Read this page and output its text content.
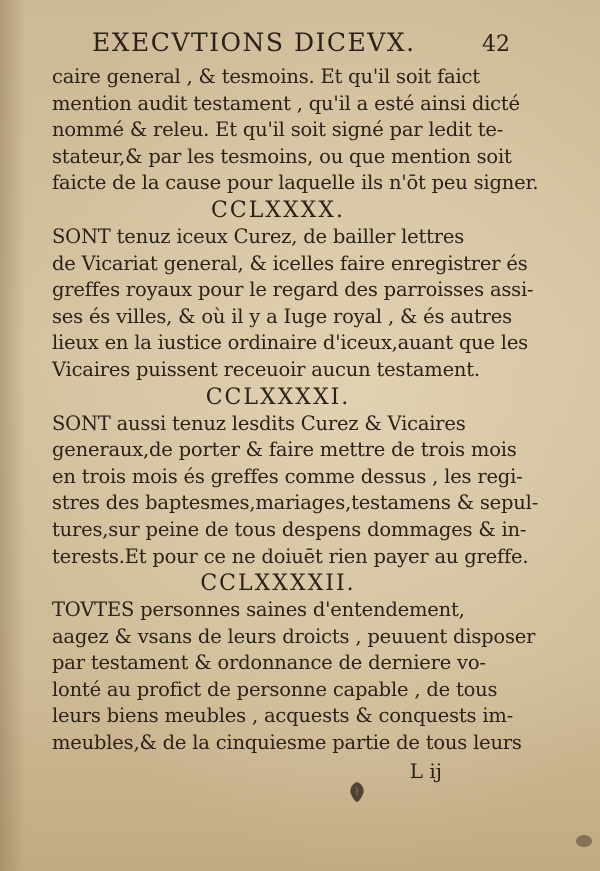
EXECVTIONS DICEVX.	42
caire general , & tesmoins. Et qu'il soit faict
mention audit testament , qu'il a esté ainsi dicté
nommé & releu. Et qu'il soit signé par ledit te-
stateur,& par les tesmoins, ou que mention soit
faicte de la cause pour laquelle ils n'ōt peu signer.
CCLXXXX.
SONT tenuz iceux Curez, de bailler lettres
de Vicariat general, & icelles faire enregistrer és
greffes royaux pour le regard des parroisses assi-
ses és villes, & où il y a Iuge royal , & és autres
lieux en la iustice ordinaire d'iceux,auant que les
Vicaires puissent receuoir aucun testament.
CCLXXXXI.
SONT aussi tenuz lesdits Curez & Vicaires
generaux,de porter & faire mettre de trois mois
en trois mois és greffes comme dessus , les regi-
stres des baptesmes,mariages,testamens & sepul-
tures,sur peine de tous despens dommages & in-
terests.Et pour ce ne doiuēt rien payer au greffe.
CCLXXXXII.
TOVTES personnes saines d'entendement,
aagez & vsans de leurs droicts , peuuent disposer
par testament & ordonnance de derniere vo-
lonté au profict de personne capable , de tous
leurs biens meubles , acquests & conquests im-
meubles,& de la cinquiesme partie de tous leurs
L ij
